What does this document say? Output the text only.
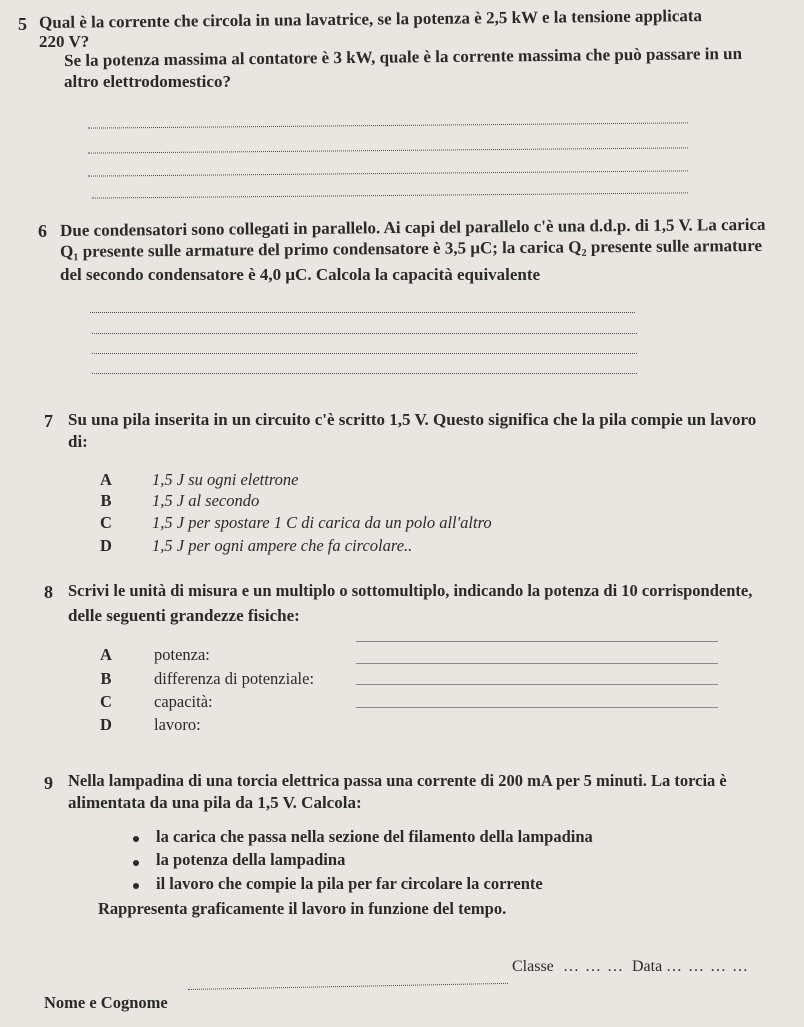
5 Qual è la corrente che circola in una lavatrice, se la potenza è 2,5 kW e la tensione applicata
220 V?
Se la potenza massima al contatore è 3 kW, quale è la corrente massima che può passare in un
altro elettrodomestico?
6 Due condensatori sono collegati in parallelo. Ai capi del parallelo c'è una d.d.p. di 1,5 V. La carica
Q₁ presente sulle armature del primo condensatore è 3,5 μC; la carica Q₂ presente sulle armature
del secondo condensatore è 4,0 μC. Calcola la capacità equivalente
7 Su una pila inserita in un circuito c'è scritto 1,5 V. Questo significa che la pila compie un lavoro
di:
A 1,5 J su ogni elettrone
B 1,5 J al secondo
C 1,5 J per spostare 1 C di carica da un polo all'altro
D 1,5 J per ogni ampere che fa circolare..
8 Scrivi le unità di misura e un multiplo o sottomultiplo, indicando la potenza di 10 corrispondente,
delle seguenti grandezze fisiche:
A	potenza:
B	differenza di potenziale:
C	capacità:
D	lavoro:
9 Nella lampadina di una torcia elettrica passa una corrente di 200 mA per 5 minuti. La torcia è
alimentata da una pila da 1,5 V. Calcola:
la carica che passa nella sezione del filamento della lampadina
la potenza della lampadina
il lavoro che compie la pila per far circolare la corrente
Rappresenta graficamente il lavoro in funzione del tempo.
Nome e Cognome
Classe … … … Data … … … …
